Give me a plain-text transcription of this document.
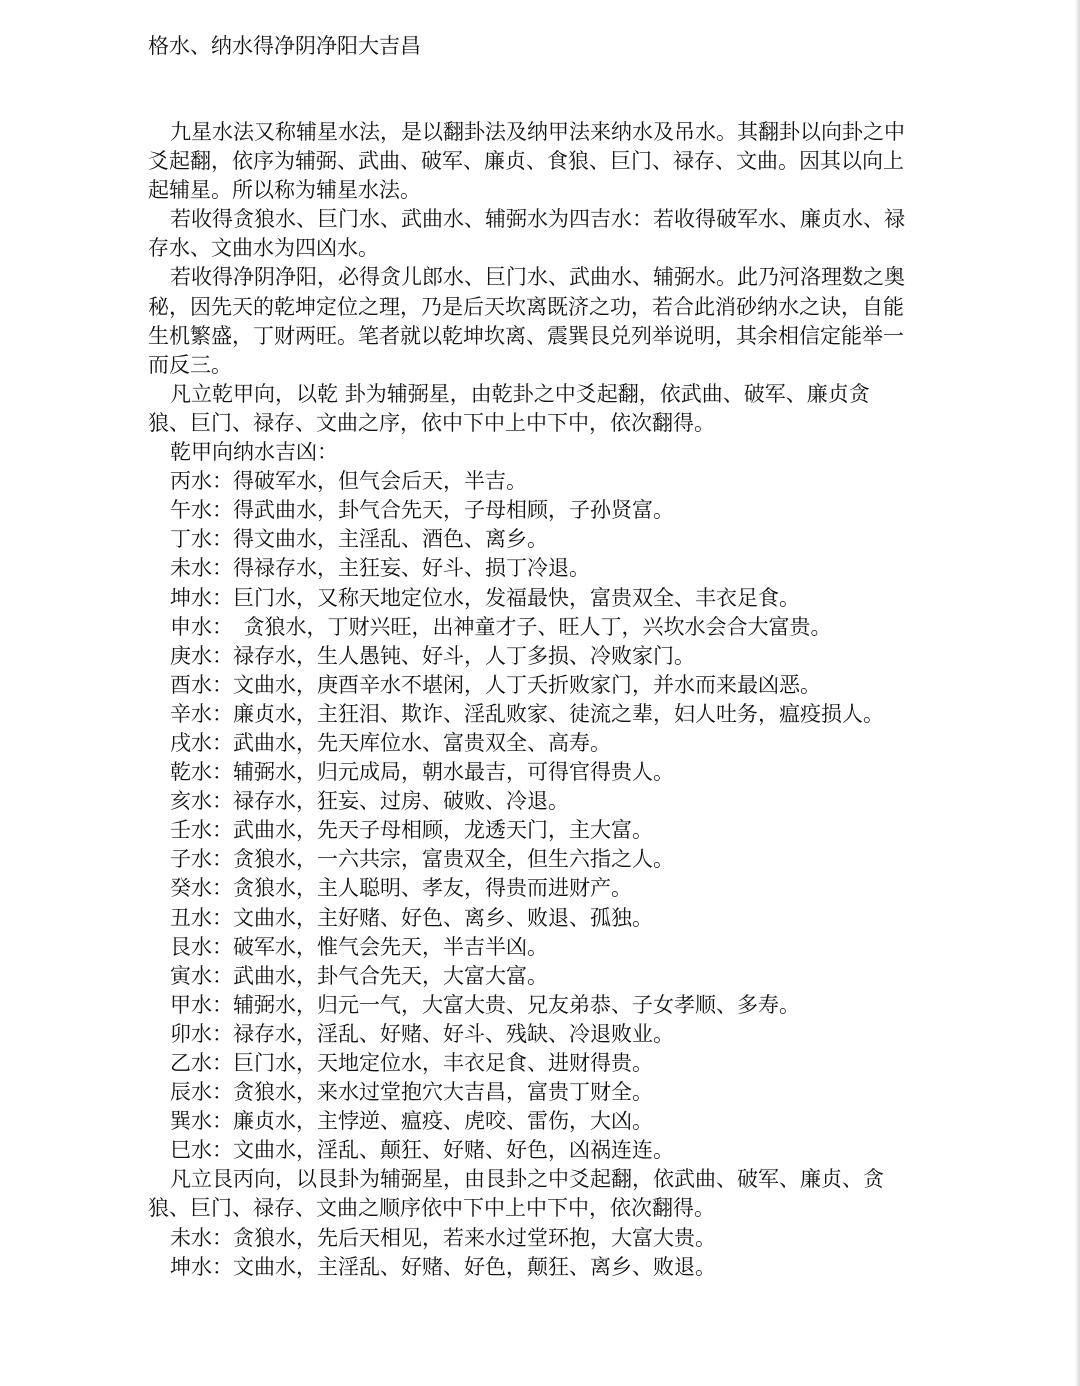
格水、纳水得净阴净阳大吉昌

九星水法又称辅星水法，是以翻卦法及纳甲法来纳水及吊水。其翻卦以向卦之中爻起翻，依序为辅弼、武曲、破军、廉贞、食狼、巨门、禄存、文曲。因其以向上起辅星。所以称为辅星水法。

若收得贪狼水、巨门水、武曲水、辅弼水为四吉水：若收得破军水、廉贞水、禄存水、文曲水为四凶水。

若收得净阴净阳，必得贪儿郎水、巨门水、武曲水、辅弼水。此乃河洛理数之奥秘，因先天的乾坤定位之理，乃是后天坎离既济之功，若合此消砂纳水之诀，自能生机繁盛，丁财两旺。笔者就以乾坤坎离、震巽艮兑列举说明，其余相信定能举一而反三。

凡立乾甲向，以乾 卦为辅弼星，由乾卦之中爻起翻，依武曲、破军、廉贞贪狼、巨门、禄存、文曲之序，依中下中上中下中，依次翻得。

乾甲向纳水吉凶：

丙水：得破军水，但气会后天，半吉。

午水：得武曲水，卦气合先天，子母相顾，子孙贤富。

丁水：得文曲水，主淫乱、酒色、离乡。

未水：得禄存水，主狂妄、好斗、损丁冷退。

坤水：巨门水，又称天地定位水，发福最快，富贵双全、丰衣足食。

申水：　贪狼水，丁财兴旺，出神童才子、旺人丁，兴坎水会合大富贵。

庚水：禄存水，生人愚钝、好斗，人丁多损、冷败家门。

酉水：文曲水，庚酉辛水不堪闲，人丁夭折败家门，并水而来最凶恶。

辛水：廉贞水，主狂泪、欺诈、淫乱败家、徒流之辈，妇人吐务，瘟疫损人。

戌水：武曲水，先天库位水、富贵双全、高寿。

乾水：辅弼水，归元成局，朝水最吉，可得官得贵人。

亥水：禄存水，狂妄、过房、破败、冷退。

壬水：武曲水，先天子母相顾，龙透天门，主大富。

子水：贪狼水，一六共宗，富贵双全，但生六指之人。

癸水：贪狼水，主人聪明、孝友，得贵而进财产。

丑水：文曲水，主好赌、好色、离乡、败退、孤独。

艮水：破军水，惟气会先天，半吉半凶。

寅水：武曲水，卦气合先天，大富大富。

甲水：辅弼水，归元一气，大富大贵、兄友弟恭、子女孝顺、多寿。

卯水：禄存水，淫乱、好赌、好斗、残缺、冷退败业。

乙水：巨门水，天地定位水，丰衣足食、进财得贵。

辰水：贪狼水，来水过堂抱穴大吉昌，富贵丁财全。

巽水：廉贞水，主悖逆、瘟疫、虎咬、雷伤，大凶。

巳水：文曲水，淫乱、颠狂、好赌、好色，凶祸连连。

凡立艮丙向，以艮卦为辅弼星，由艮卦之中爻起翻，依武曲、破军、廉贞、贪狼、巨门、禄存、文曲之顺序依中下中上中下中，依次翻得。

未水：贪狼水，先后天相见，若来水过堂环抱，大富大贵。

坤水：文曲水，主淫乱、好赌、好色，颠狂、离乡、败退。
